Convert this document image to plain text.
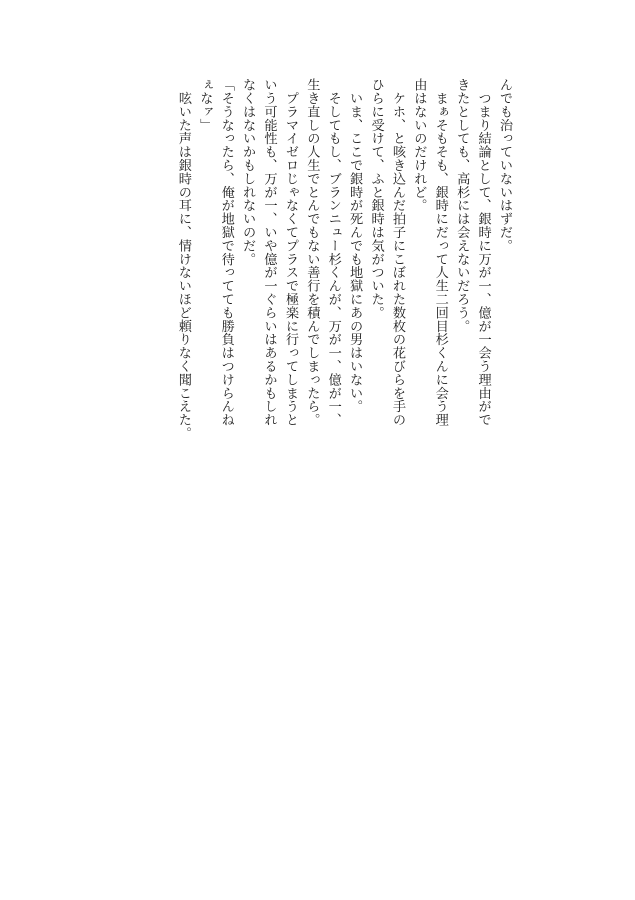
んでも治っていないはずだ。

　つまり結論として、銀時に万が一、億が一会う理由がで

きたとしても、高杉には会えないだろう。

　まぁそもそも、銀時にだって人生二回目杉くんに会う理

由はないのだけれど。

　ケホ、と咳き込んだ拍子にこぼれた数枚の花びらを手の

ひらに受けて、ふと銀時は気がついた。

　いま、ここで銀時が死んでも地獄にあの男はいない。

　そしてもし、ブランニュー杉くんが、万が一、億が一、

生き直しの人生でとんでもない善行を積んでしまったら。

　プラマイゼロじゃなくてプラスで極楽に行ってしまうと

いう可能性も、万が一、いや億が一ぐらいはあるかもしれ

なくはないかもしれないのだ。

「そうなったら、俺が地獄で待ってても勝負はつけらんね

ぇなァ」

　呟いた声は銀時の耳に、情けないほど頼りなく聞こえた。
